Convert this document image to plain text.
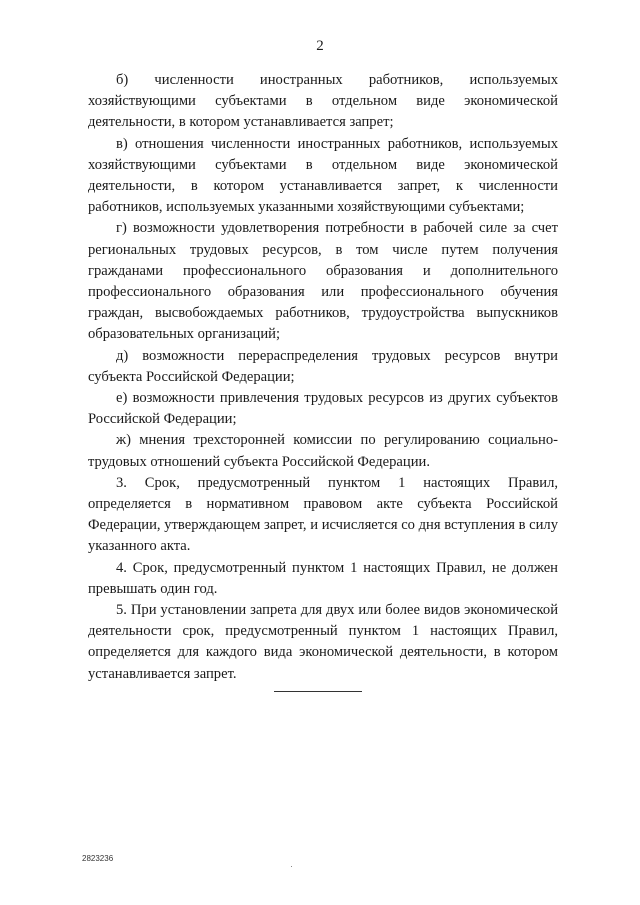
2

б) численности иностранных работников, используемых хозяйствующими субъектами в отдельном виде экономической деятельности, в котором устанавливается запрет;

в) отношения численности иностранных работников, используемых хозяйствующими субъектами в отдельном виде экономической деятельности, в котором устанавливается запрет, к численности работников, используемых указанными хозяйствующими субъектами;

г) возможности удовлетворения потребности в рабочей силе за счет региональных трудовых ресурсов, в том числе путем получения гражданами профессионального образования и дополнительного профессионального образования или профессионального обучения граждан, высвобождаемых работников, трудоустройства выпускников образовательных организаций;

д) возможности перераспределения трудовых ресурсов внутри субъекта Российской Федерации;

е) возможности привлечения трудовых ресурсов из других субъектов Российской Федерации;

ж) мнения трехсторонней комиссии по регулированию социально-трудовых отношений субъекта Российской Федерации.

3. Срок, предусмотренный пунктом 1 настоящих Правил, определяется в нормативном правовом акте субъекта Российской Федерации, утверждающем запрет, и исчисляется со дня вступления в силу указанного акта.

4. Срок, предусмотренный пунктом 1 настоящих Правил, не должен превышать один год.

5. При установлении запрета для двух или более видов экономической деятельности срок, предусмотренный пунктом 1 настоящих Правил, определяется для каждого вида экономической деятельности, в котором устанавливается запрет.

2823236
